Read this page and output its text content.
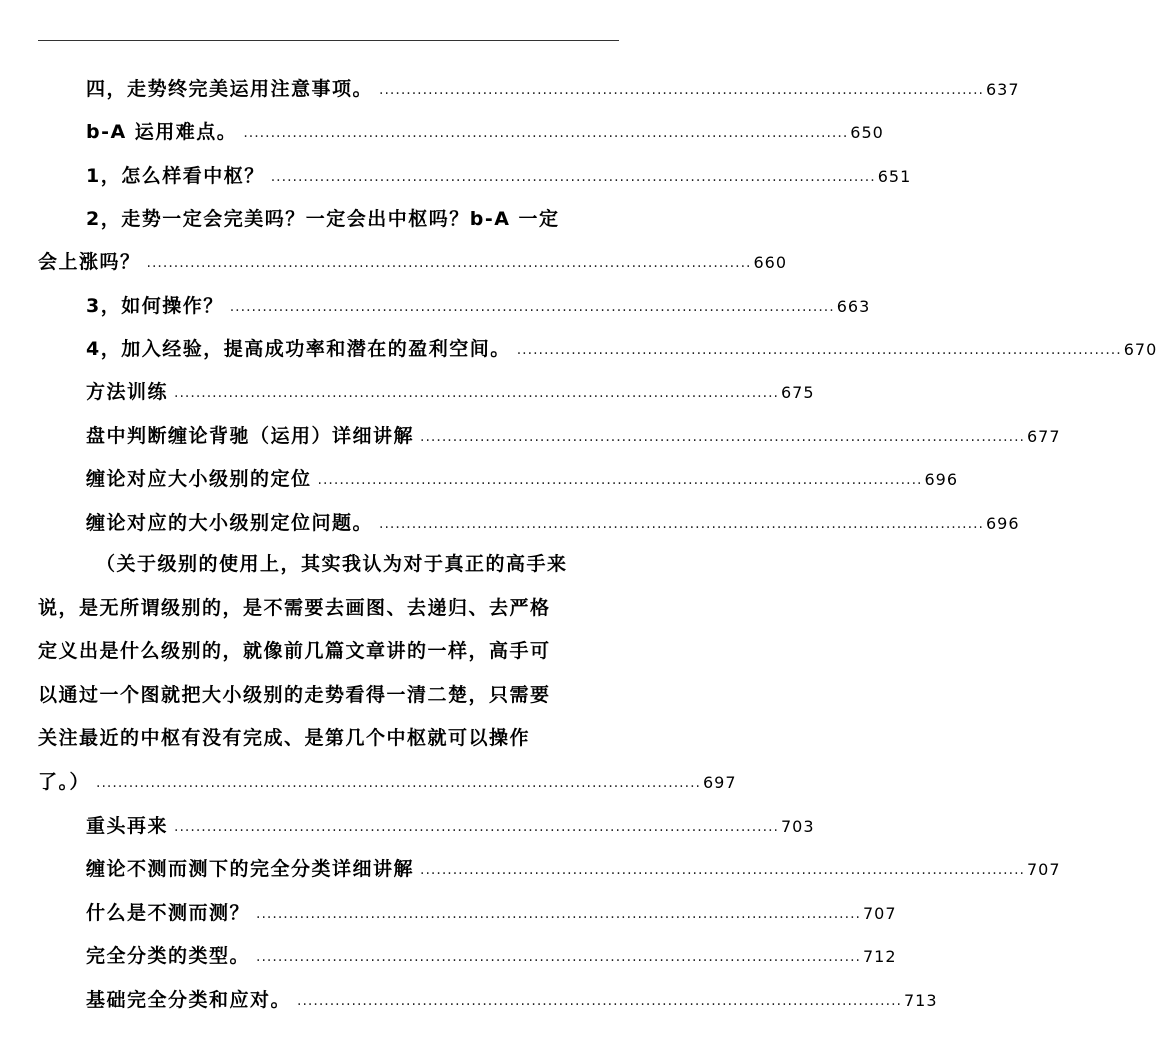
四，走势终完美运用注意事项。 ............................................................................................................... 637
b-A 运用难点。 ............................................................................................................... 650
1，怎么样看中枢？ ............................................................................................................... 651
2，走势一定会完美吗？一定会出中枢吗？b-A 一定
会上涨吗？ ............................................................................................................... 660
3，如何操作？ ............................................................................................................... 663
4，加入经验，提高成功率和潜在的盈利空间。 ............................................................................................................... 670
方法训练 ............................................................................................................... 675
盘中判断缠论背驰（运用）详细讲解 ............................................................................................................... 677
缠论对应大小级别的定位 ............................................................................................................... 696
缠论对应的大小级别定位问题。 ............................................................................................................... 696
（关于级别的使用上，其实我认为对于真正的高手来
说，是无所谓级别的，是不需要去画图、去递归、去严格
定义出是什么级别的，就像前几篇文章讲的一样，高手可
以通过一个图就把大小级别的走势看得一清二楚，只需要
关注最近的中枢有没有完成、是第几个中枢就可以操作
了。） ............................................................................................................... 697
重头再来 ............................................................................................................... 703
缠论不测而测下的完全分类详细讲解 ............................................................................................................... 707
什么是不测而测？ ............................................................................................................... 707
完全分类的类型。 ............................................................................................................... 712
基础完全分类和应对。 ............................................................................................................... 713
